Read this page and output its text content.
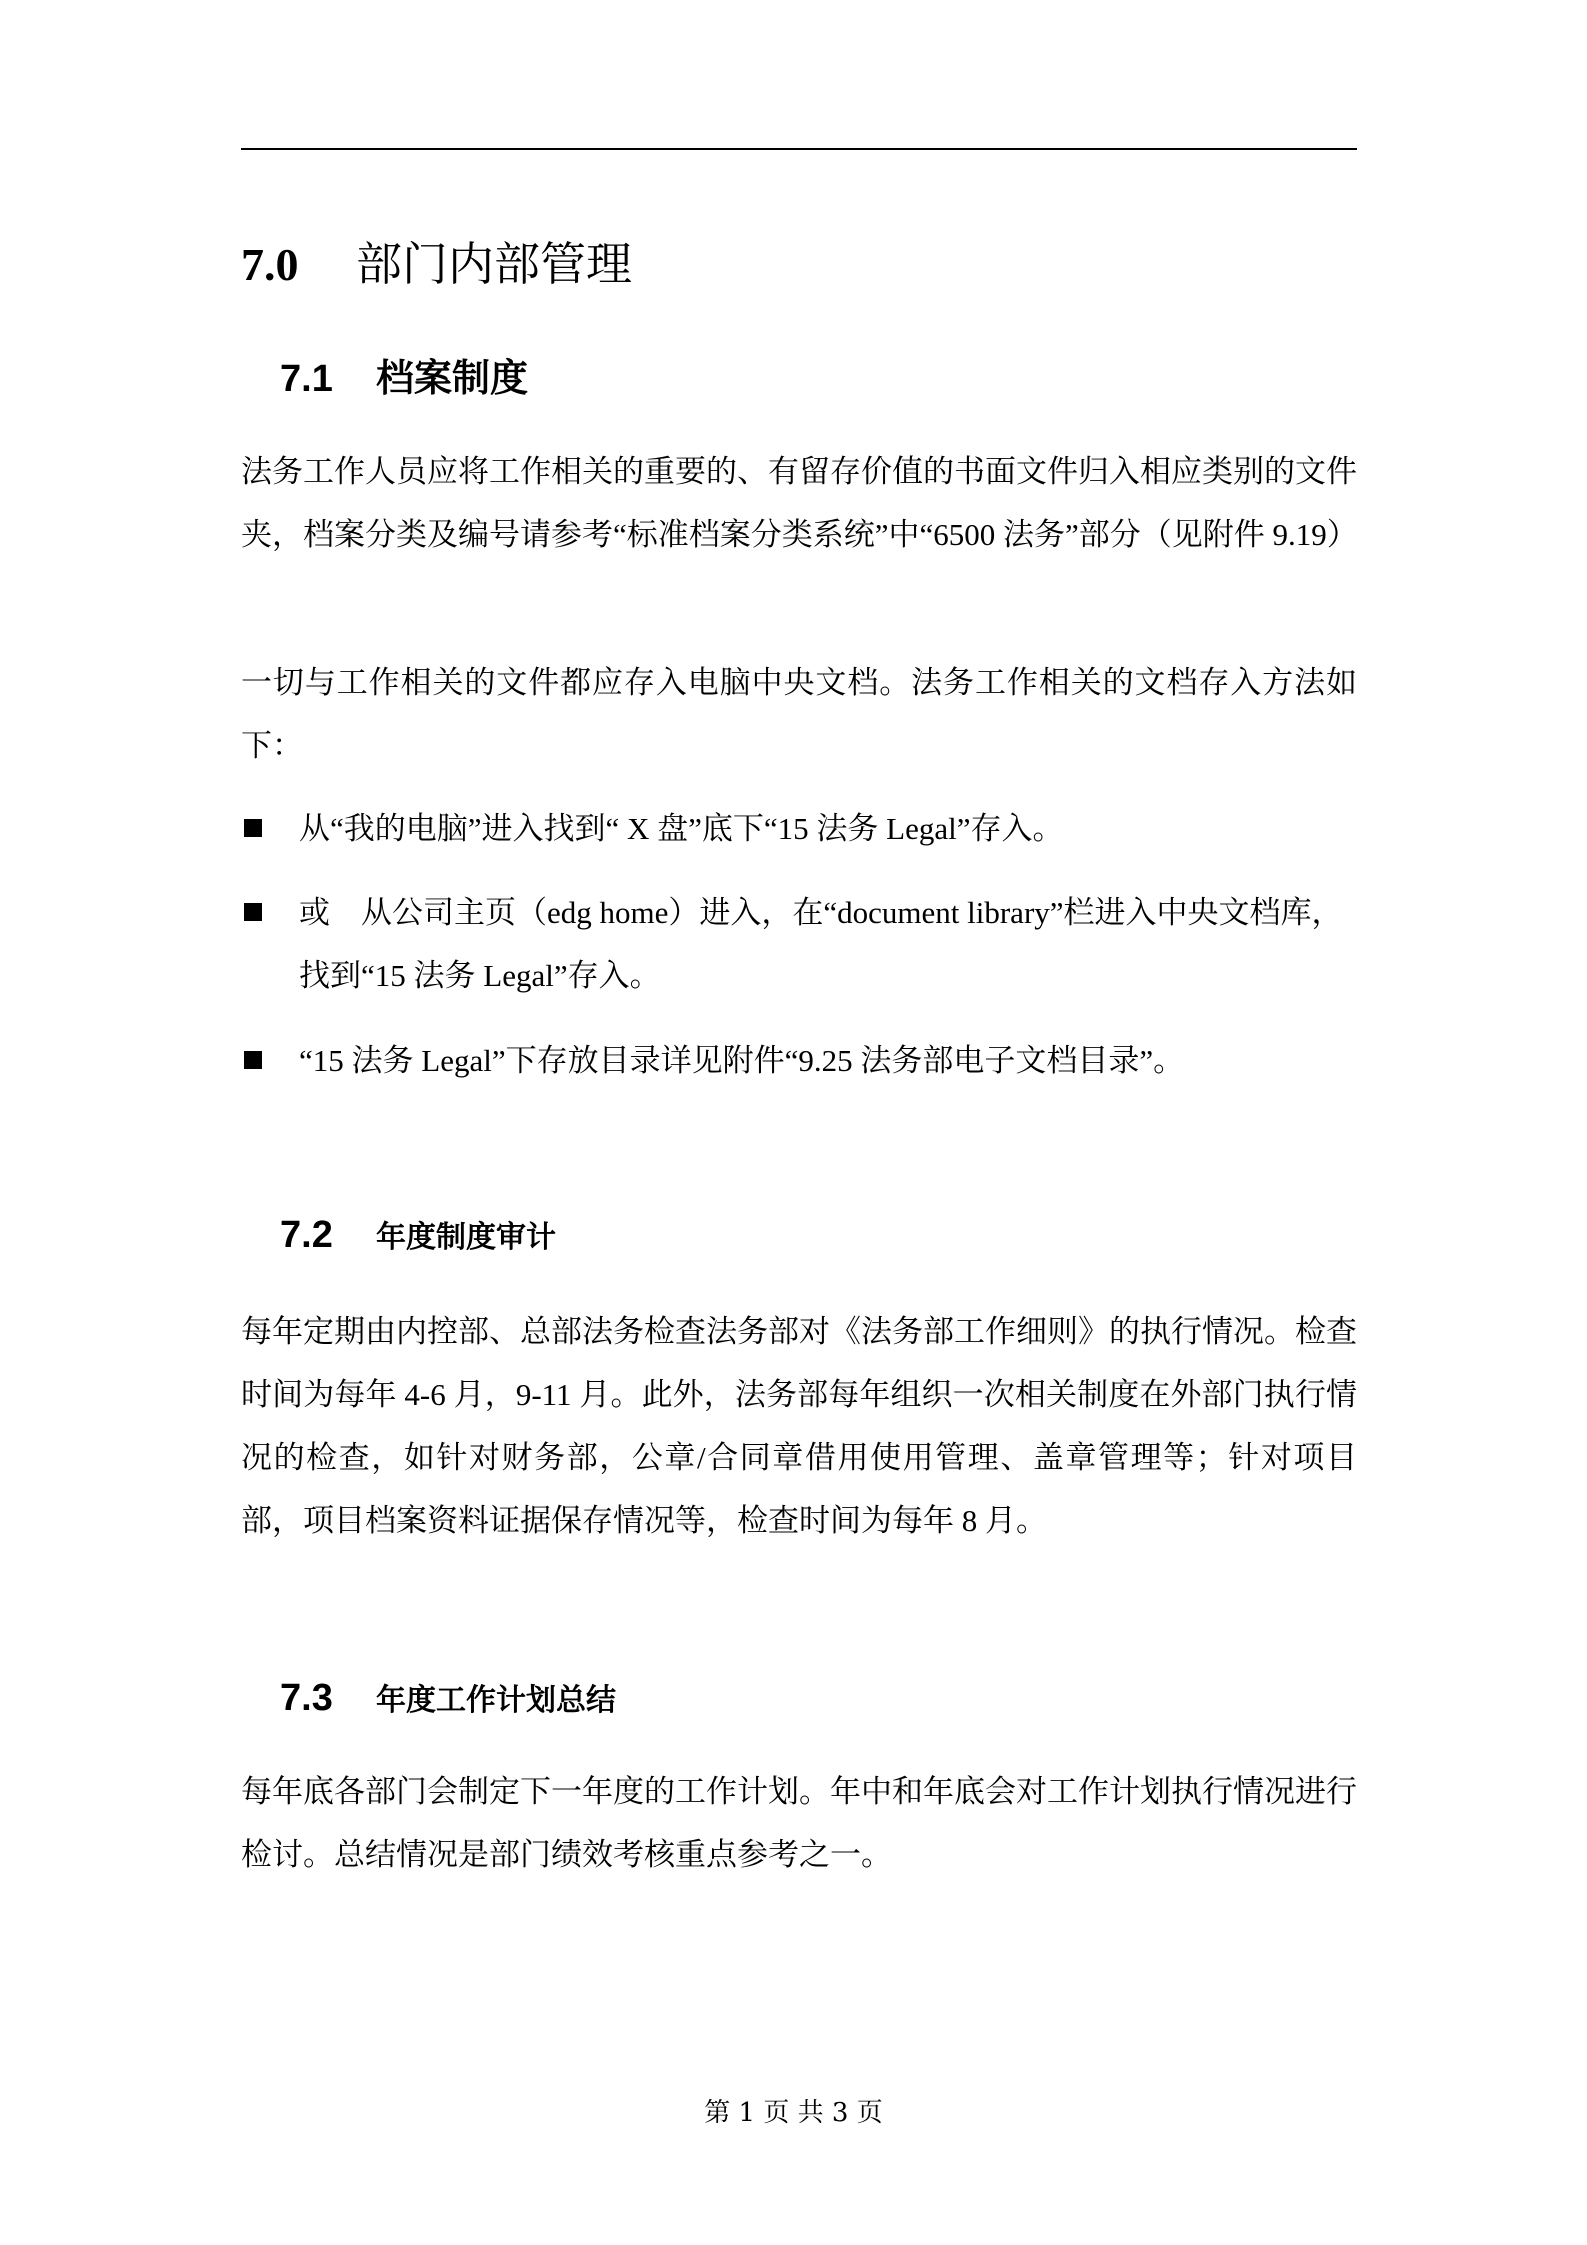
7.0 部门内部管理
7.1 档案制度

法务工作人员应将工作相关的重要的、有留存价值的书面文件归入相应类别的文件夹，档案分类及编号请参考“标准档案分类系统”中“6500 法务”部分（见附件 9.19）

一切与工作相关的文件都应存入电脑中央文档。法务工作相关的文档存入方法如下：

从“我的电脑”进入找到“ X 盘”底下“15 法务 Legal”存入。
或　从公司主页（edg home）进入，在“document library”栏进入中央文档库，找到“15 法务 Legal”存入。
“15 法务 Legal”下存放目录详见附件“9.25 法务部电子文档目录”。
7.2 年度制度审计

每年定期由内控部、总部法务检查法务部对《法务部工作细则》的执行情况。检查时间为每年 4-6 月，9-11 月。此外，法务部每年组织一次相关制度在外部门执行情况的检查，如针对财务部，公章/合同章借用使用管理、盖章管理等；针对项目部，项目档案资料证据保存情况等，检查时间为每年 8 月。

7.3 年度工作计划总结

每年底各部门会制定下一年度的工作计划。年中和年底会对工作计划执行情况进行检讨。总结情况是部门绩效考核重点参考之一。

第 1 页 共 3 页
